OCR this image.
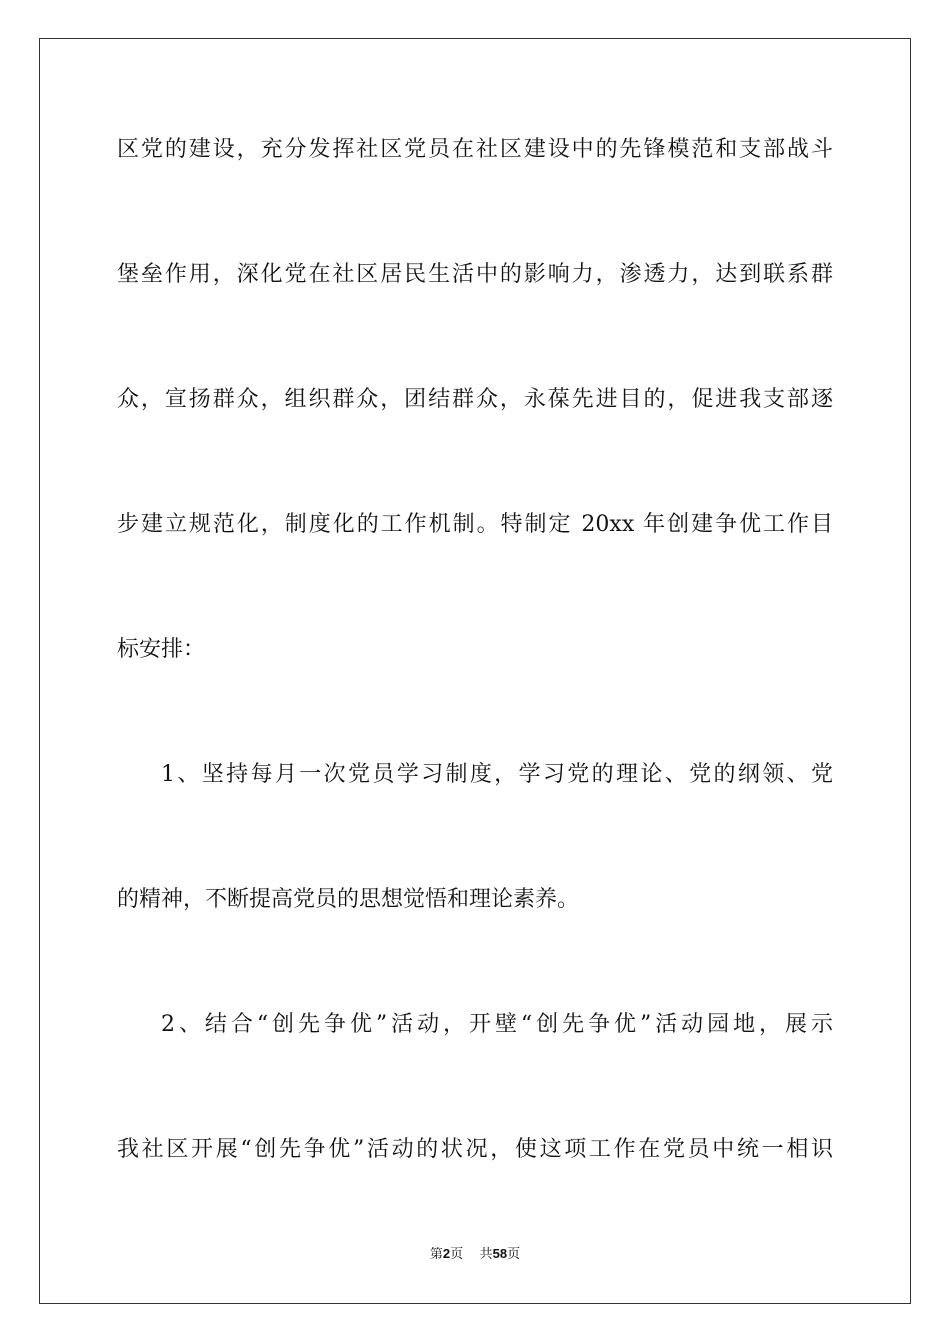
区党的建设，充分发挥社区党员在社区建设中的先锋模范和支部战斗
堡垒作用，深化党在社区居民生活中的影响力，渗透力，达到联系群
众，宣扬群众，组织群众，团结群众，永葆先进目的，促进我支部逐
步建立规范化，制度化的工作机制。特制定 20xx 年创建争优工作目
标安排：
1、坚持每月一次党员学习制度，学习党的理论、党的纲领、党
的精神，不断提高党员的思想觉悟和理论素养。
2、结合“创先争优”活动，开壁“创先争优”活动园地，展示
我社区开展“创先争优”活动的状况，使这项工作在党员中统一相识
第2页 共58页
